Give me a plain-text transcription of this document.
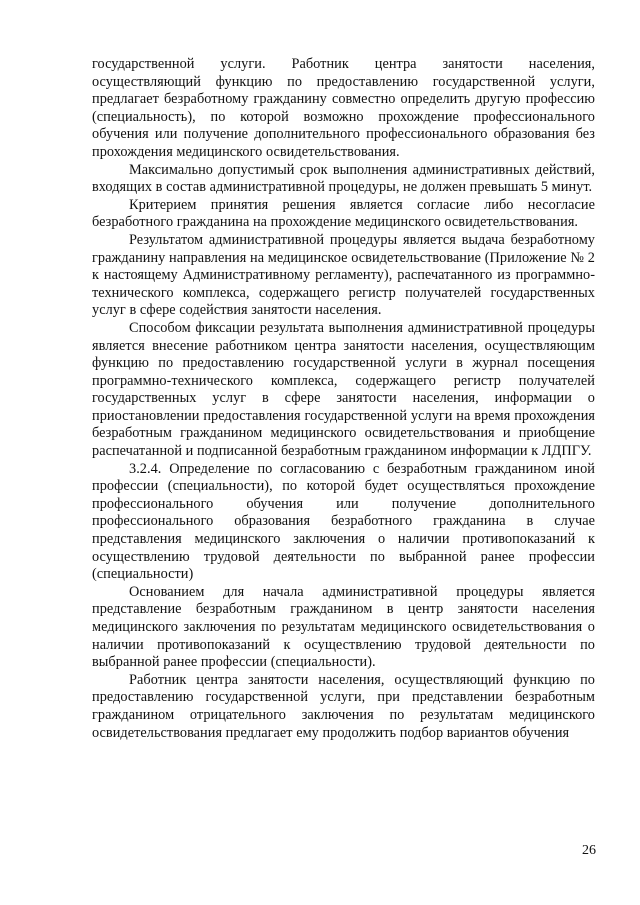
государственной услуги. Работник центра занятости населения, осуществляющий функцию по предоставлению государственной услуги, предлагает безработному гражданину совместно определить другую профессию (специальность), по которой возможно прохождение профессионального обучения или получение дополнительного профессионального образования без прохождения медицинского освидетельствования.

Максимально допустимый срок выполнения административных действий, входящих в состав административной процедуры, не должен превышать 5 минут.

Критерием принятия решения является согласие либо несогласие безработного гражданина на прохождение медицинского освидетельствования.

Результатом административной процедуры является выдача безработному гражданину направления на медицинское освидетельствование (Приложение № 2 к настоящему Административному регламенту), распечатанного из программно-технического комплекса, содержащего регистр получателей государственных услуг в сфере содействия занятости населения.

Способом фиксации результата выполнения административной процедуры является внесение работником центра занятости населения, осуществляющим функцию по предоставлению государственной услуги в журнал посещения программно-технического комплекса, содержащего регистр получателей государственных услуг в сфере занятости населения, информации о приостановлении предоставления государственной услуги на время прохождения безработным гражданином медицинского освидетельствования и приобщение распечатанной и подписанной безработным гражданином информации к ЛДПГУ.

3.2.4. Определение по согласованию с безработным гражданином иной профессии (специальности), по которой будет осуществляться прохождение профессионального обучения или получение дополнительного профессионального образования безработного гражданина в случае представления медицинского заключения о наличии противопоказаний к осуществлению трудовой деятельности по выбранной ранее профессии (специальности)

Основанием для начала административной процедуры является представление безработным гражданином в центр занятости населения медицинского заключения по результатам медицинского освидетельствования о наличии противопоказаний к осуществлению трудовой деятельности по выбранной ранее профессии (специальности).

Работник центра занятости населения, осуществляющий функцию по предоставлению государственной услуги, при представлении безработным гражданином отрицательного заключения по результатам медицинского освидетельствования предлагает ему продолжить подбор вариантов обучения

26
